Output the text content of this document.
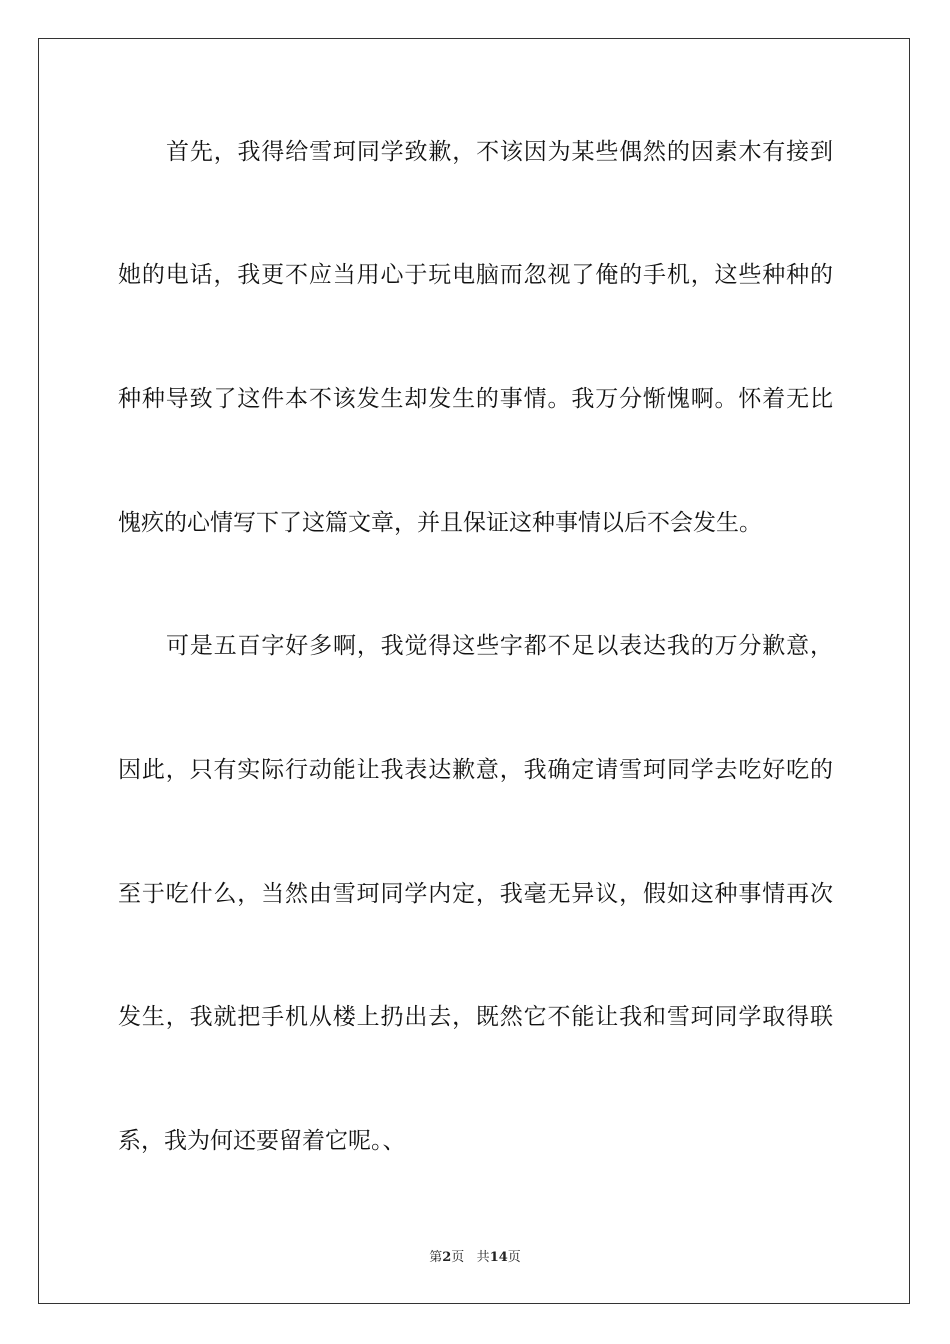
首先，我得给雪珂同学致歉，不该因为某些偶然的因素木有接到
她的电话，我更不应当用心于玩电脑而忽视了俺的手机，这些种种的
种种导致了这件本不该发生却发生的事情。我万分惭愧啊。怀着无比
愧疚的心情写下了这篇文章，并且保证这种事情以后不会发生。
可是五百字好多啊，我觉得这些字都不足以表达我的万分歉意，
因此，只有实际行动能让我表达歉意，我确定请雪珂同学去吃好吃的
至于吃什么，当然由雪珂同学内定，我毫无异议，假如这种事情再次
发生，我就把手机从楼上扔出去，既然它不能让我和雪珂同学取得联
系，我为何还要留着它呢。、
第2页 共14页
